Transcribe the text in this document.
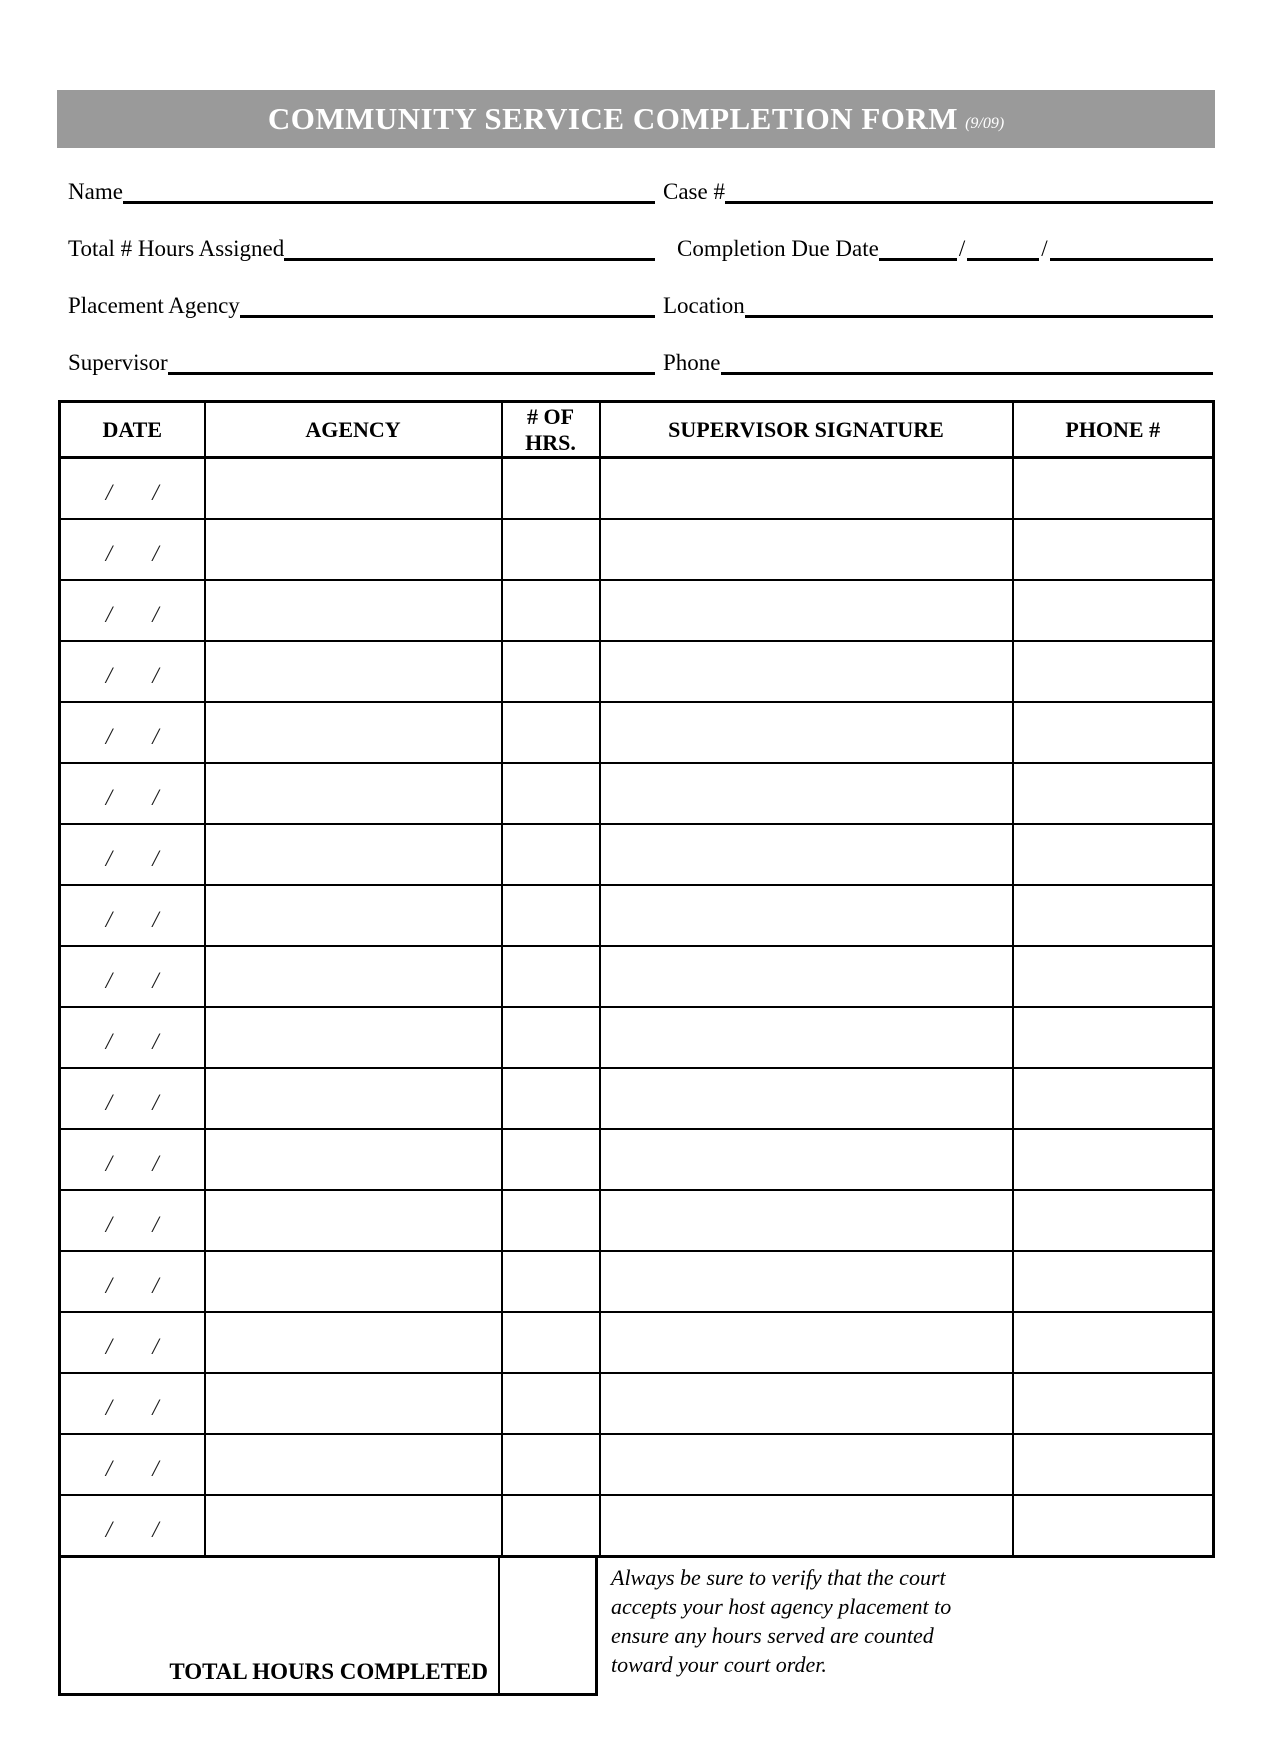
COMMUNITY SERVICE COMPLETION FORM (9/09)
Name	Case #
Total # Hours Assigned	Completion Due Date	/	/
Placement Agency	Location
Supervisor	Phone
DATE	AGENCY	# OF HRS.	SUPERVISOR SIGNATURE	PHONE #
/       /				
/       /				
/       /				
/       /				
/       /				
/       /				
/       /				
/       /				
/       /				
/       /				
/       /				
/       /				
/       /				
/       /				
/       /				
/       /				
/       /				
/       /				
TOTAL HOURS COMPLETED
Always be sure to verify that the court
accepts your host agency placement to
ensure any hours served are counted
toward your court order.
